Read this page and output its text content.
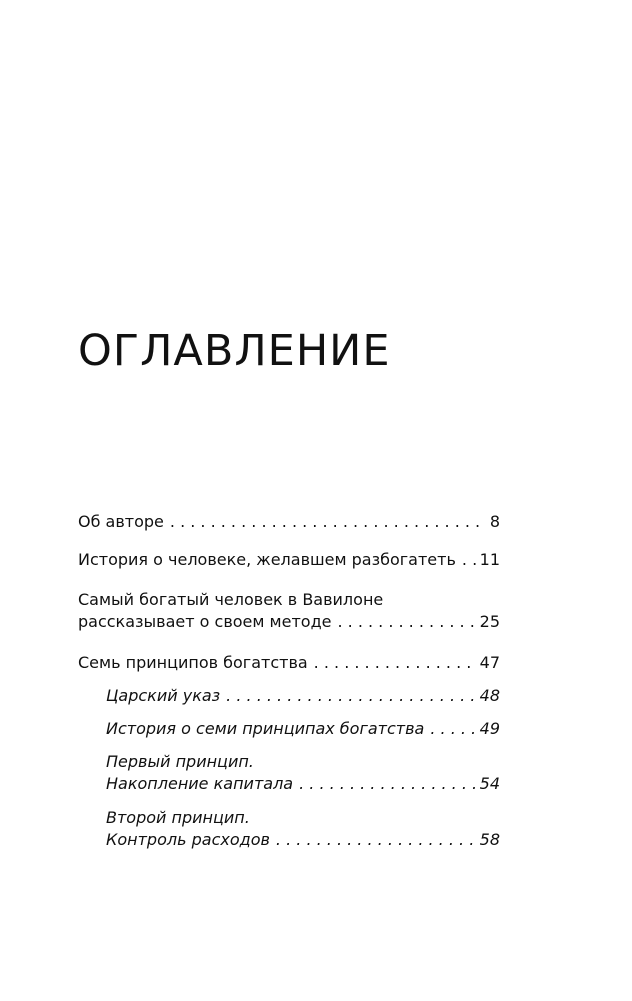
ОГЛАВЛЕНИЕ
Об авторе . . .	8
История о человеке, желавшем разбогатеть . . . 11
Самый богатый человек в Вавилоне
рассказывает о своем методе . . .	25
Семь принципов богатства . . .	47
Царский указ . . .	48
История о семи принципах богатства . . .	49
Первый принцип.
Накопление капитала . . .	54
Второй принцип.
Контроль расходов . . .	58
